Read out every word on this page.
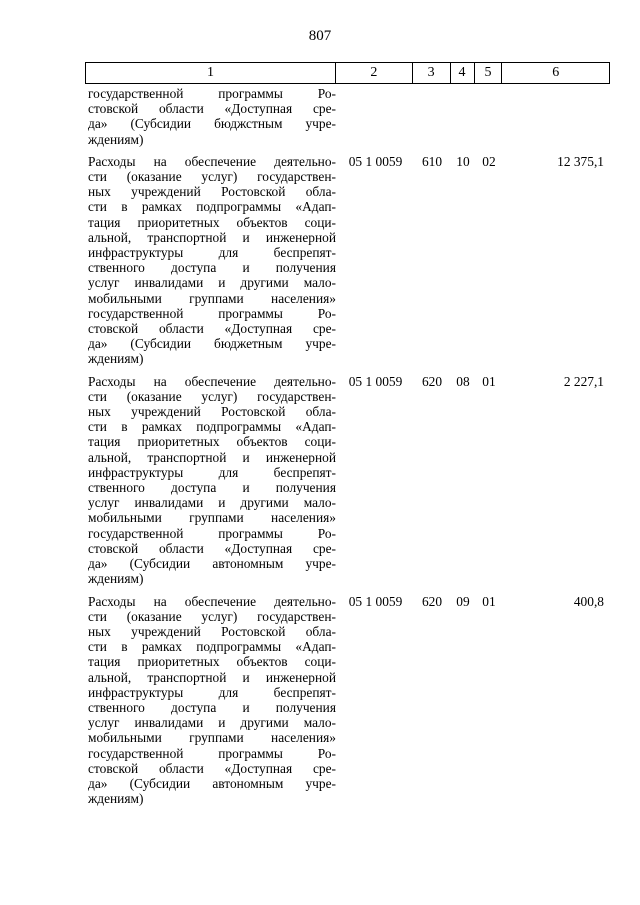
807
1	2	3	4	5	6
государственной программы Ро-
стовской области «Доступная сре-
да» (Субсидии бюджстным учре-
ждениям)
Расходы на обеспечение деятельно-
сти (оказание услуг) государствен-
ных учреждений Ростовской обла-
сти в рамках подпрограммы «Адап-
тация приоритетных объектов соци-
альной, транспортной и инженерной
инфраструктуры для беспрепят-
ственного доступа и получения
услуг инвалидами и другими мало-
мобильными группами населения»
государственной программы Ро-
стовской области «Доступная сре-
да» (Субсидии бюджетным учре-
ждениям)
05 1 0059	610	10 02	12 375,1
Расходы на обеспечение деятельно-
сти (оказание услуг) государствен-
ных учреждений Ростовской обла-
сти в рамках подпрограммы «Адап-
тация приоритетных объектов соци-
альной, транспортной и инженерной
инфраструктуры для беспрепят-
ственного доступа и получения
услуг инвалидами и другими мало-
мобильными группами населения»
государственной программы Ро-
стовской области «Доступная сре-
да» (Субсидии автономным учре-
ждениям)
05 1 0059	620	08 01	2 227,1
Расходы на обеспечение деятельно-
сти (оказание услуг) государствен-
ных учреждений Ростовской обла-
сти в рамках подпрограммы «Адап-
тация приоритетных объектов соци-
альной, транспортной и инженерной
инфраструктуры для беспрепят-
ственного доступа и получения
услуг инвалидами и другими мало-
мобильными группами населения»
государственной программы Ро-
стовской области «Доступная сре-
да» (Субсидии автономным учре-
ждениям)
05 1 0059	620	09 01	400,8
